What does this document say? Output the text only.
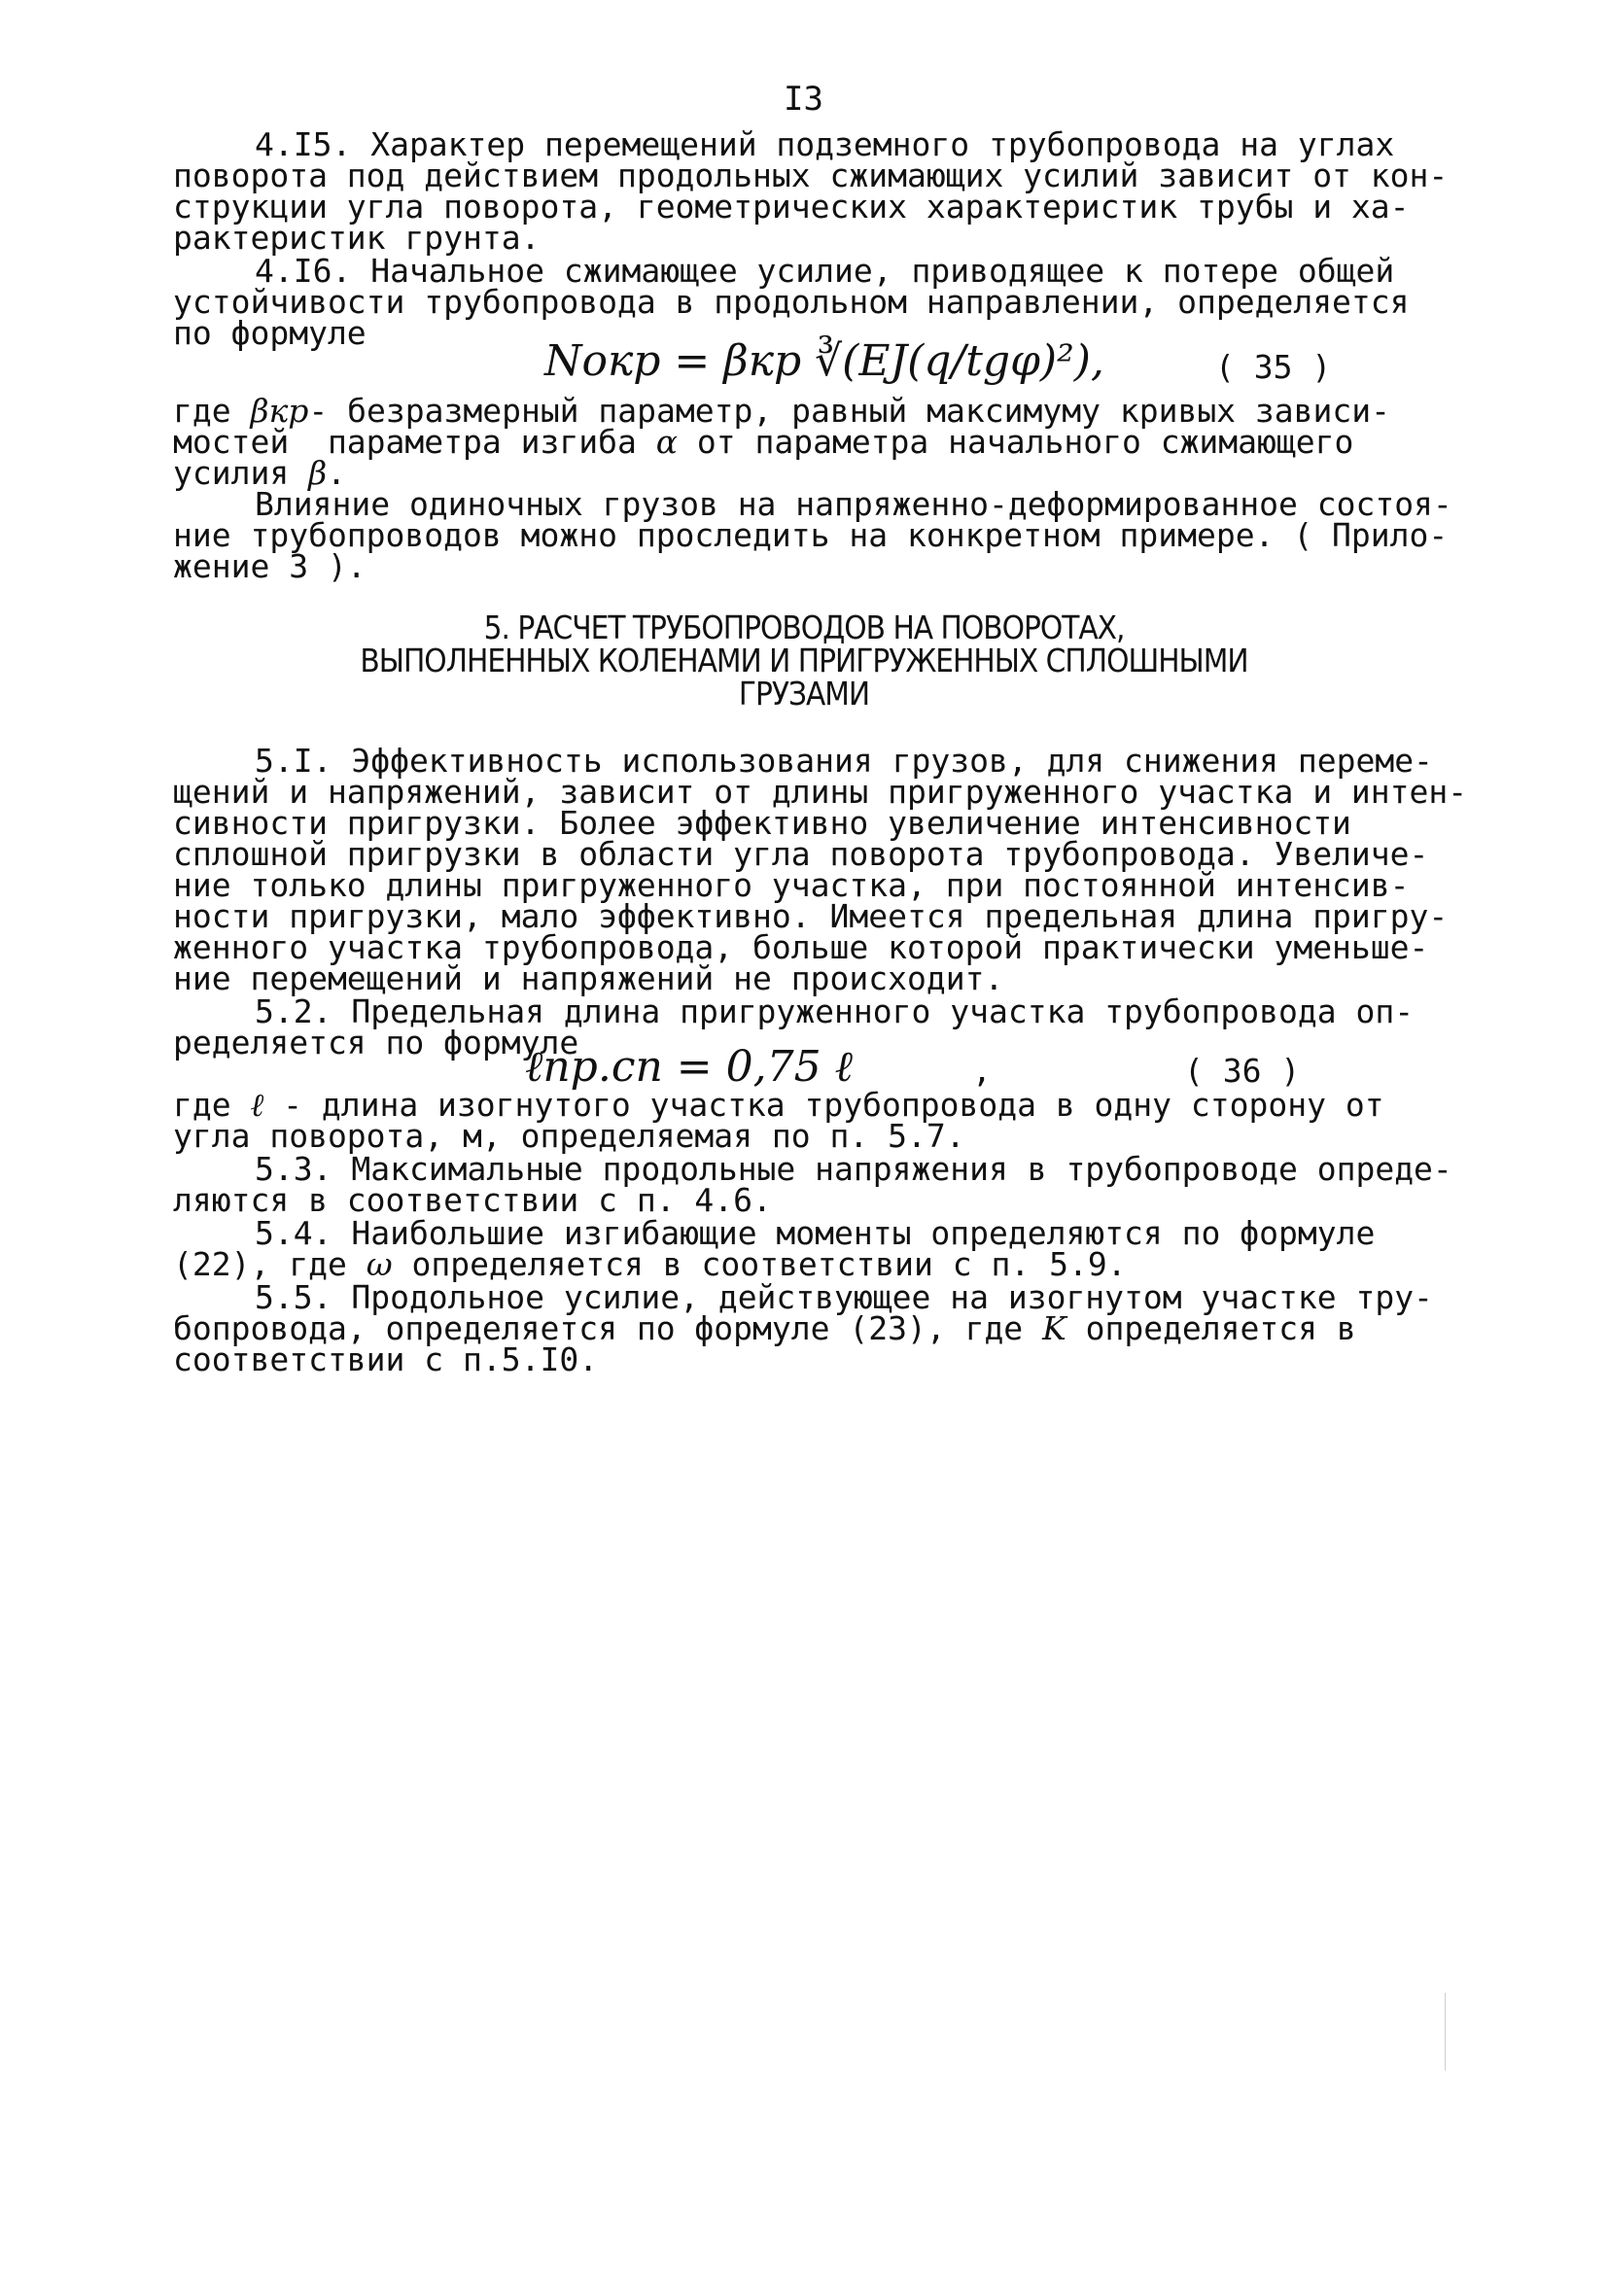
I3
4.I5. Характер перемещений подземного трубопровода на углах
поворота под действием продольных сжимающих усилий зависит от кон-
струкции угла поворота, геометрических характеристик трубы и ха-
рактеристик грунта.
4.I6. Начальное сжимающее усилие, приводящее к потере общей
устойчивости трубопровода в продольном направлении, определяется
по формуле
Nокр = βкр ∛(EJ(q/tgφ)²),	( 35 )
где βкр- безразмерный параметр, равный максимуму кривых зависи-
мостей  параметра изгиба α от параметра начального сжимающего
усилия β.
Влияние одиночных грузов на напряженно-деформированное состоя-
ние трубопроводов можно проследить на конкретном примере. ( Прило-
жение 3 ).
5. РАСЧЕТ ТРУБОПРОВОДОВ НА ПОВОРОТАХ,
ВЫПОЛНЕННЫХ КОЛЕНАМИ И ПРИГРУЖЕННЫХ СПЛОШНЫМИ
ГРУЗАМИ
5.I. Эффективность использования грузов, для снижения переме-
щений и напряжений, зависит от длины пригруженного участка и интен-
сивности пригрузки. Более эффективно увеличение интенсивности
сплошной пригрузки в области угла поворота трубопровода. Увеличе-
ние только длины пригруженного участка, при постоянной интенсив-
ности пригрузки, мало эффективно. Имеется предельная длина пригру-
женного участка трубопровода, больше которой практически уменьше-
ние перемещений и напряжений не происходит.
5.2. Предельная длина пригруженного участка трубопровода оп-
ределяется по формуле
ℓпр.сп = 0,75 ℓ	,	( 36 )
где ℓ - длина изогнутого участка трубопровода в одну сторону от
угла поворота, м, определяемая по п. 5.7.
5.3. Максимальные продольные напряжения в трубопроводе опреде-
ляются в соответствии с п. 4.6.
5.4. Наибольшие изгибающие моменты определяются по формуле
(22), где ω определяется в соответствии с п. 5.9.
5.5. Продольное усилие, действующее на изогнутом участке тру-
бопровода, определяется по формуле (23), где K определяется в
соответствии с п.5.I0.
